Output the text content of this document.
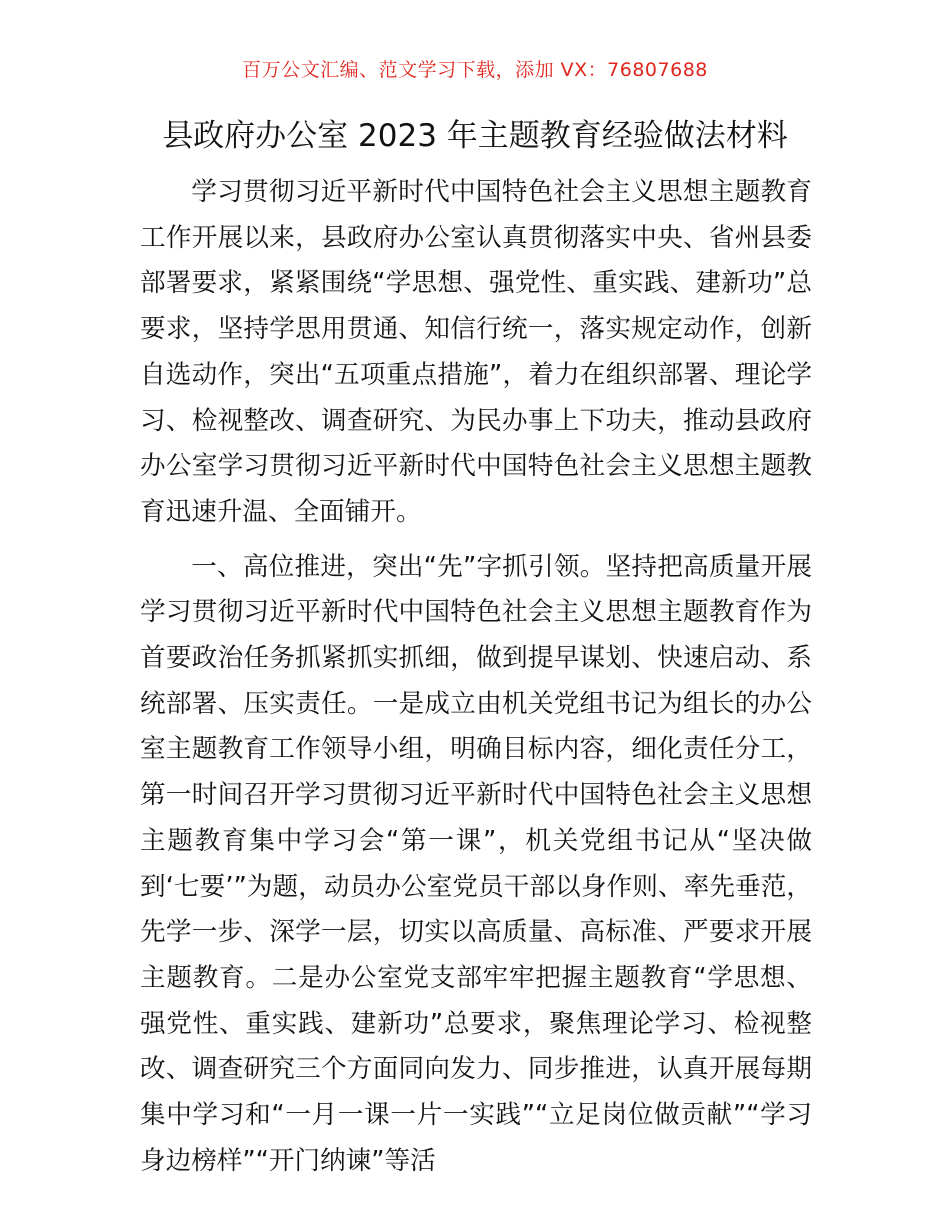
百万公文汇编、范文学习下载，添加 VX：76807688
县政府办公室 2023 年主题教育经验做法材料

学习贯彻习近平新时代中国特色社会主义思想主题教育工作开展以来，县政府办公室认真贯彻落实中央、省州县委部署要求，紧紧围绕“学思想、强党性、重实践、建新功”总要求，坚持学思用贯通、知信行统一，落实规定动作，创新自选动作，突出“五项重点措施”，着力在组织部署、理论学习、检视整改、调查研究、为民办事上下功夫，推动县政府办公室学习贯彻习近平新时代中国特色社会主义思想主题教育迅速升温、全面铺开。

一、高位推进，突出“先”字抓引领。坚持把高质量开展学习贯彻习近平新时代中国特色社会主义思想主题教育作为首要政治任务抓紧抓实抓细，做到提早谋划、快速启动、系统部署、压实责任。一是成立由机关党组书记为组长的办公室主题教育工作领导小组，明确目标内容，细化责任分工，第一时间召开学习贯彻习近平新时代中国特色社会主义思想主题教育集中学习会“第一课”，机关党组书记从“坚决做到‘七要’”为题，动员办公室党员干部以身作则、率先垂范，先学一步、深学一层，切实以高质量、高标准、严要求开展主题教育。二是办公室党支部牢牢把握主题教育“学思想、强党性、重实践、建新功”总要求，聚焦理论学习、检视整改、调查研究三个方面同向发力、同步推进，认真开展每期集中学习和“一月一课一片一实践”“立足岗位做贡献”“学习身边榜样”“开门纳谏”等活
